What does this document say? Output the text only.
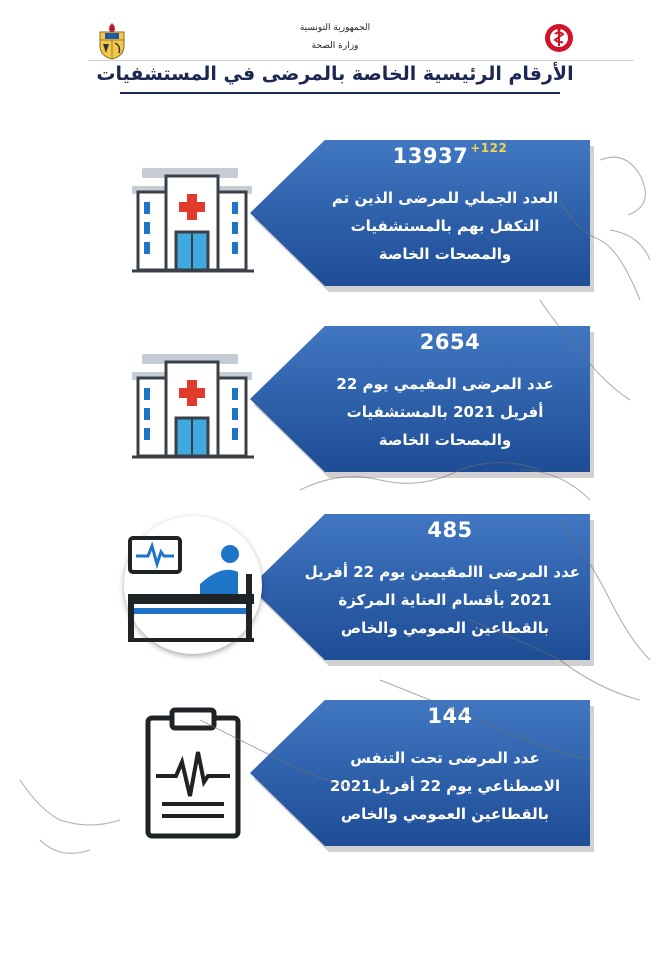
الجمهورية التونسية
وزارة الصحة
الأرقام الرئيسية الخاصة بالمرضى في المستشفيات
13937 $^{+122}$
العدد الجملي للمرضى الذين تم
التكفل بهم بالمستشفيات
والمصحات الخاصة
2654
عدد المرضى المقيمي يوم 22
أفريل 2021 بالمستشفيات
والمصحات الخاصة
485
عدد المرضى االمقيمين يوم 22 أفريل
2021 بأقسام العناية المركزة
بالقطاعين العمومي والخاص
144
عدد المرضى تحت التنفس
الاصطناعي يوم 22 أفريل2021
بالقطاعين العمومي والخاص
